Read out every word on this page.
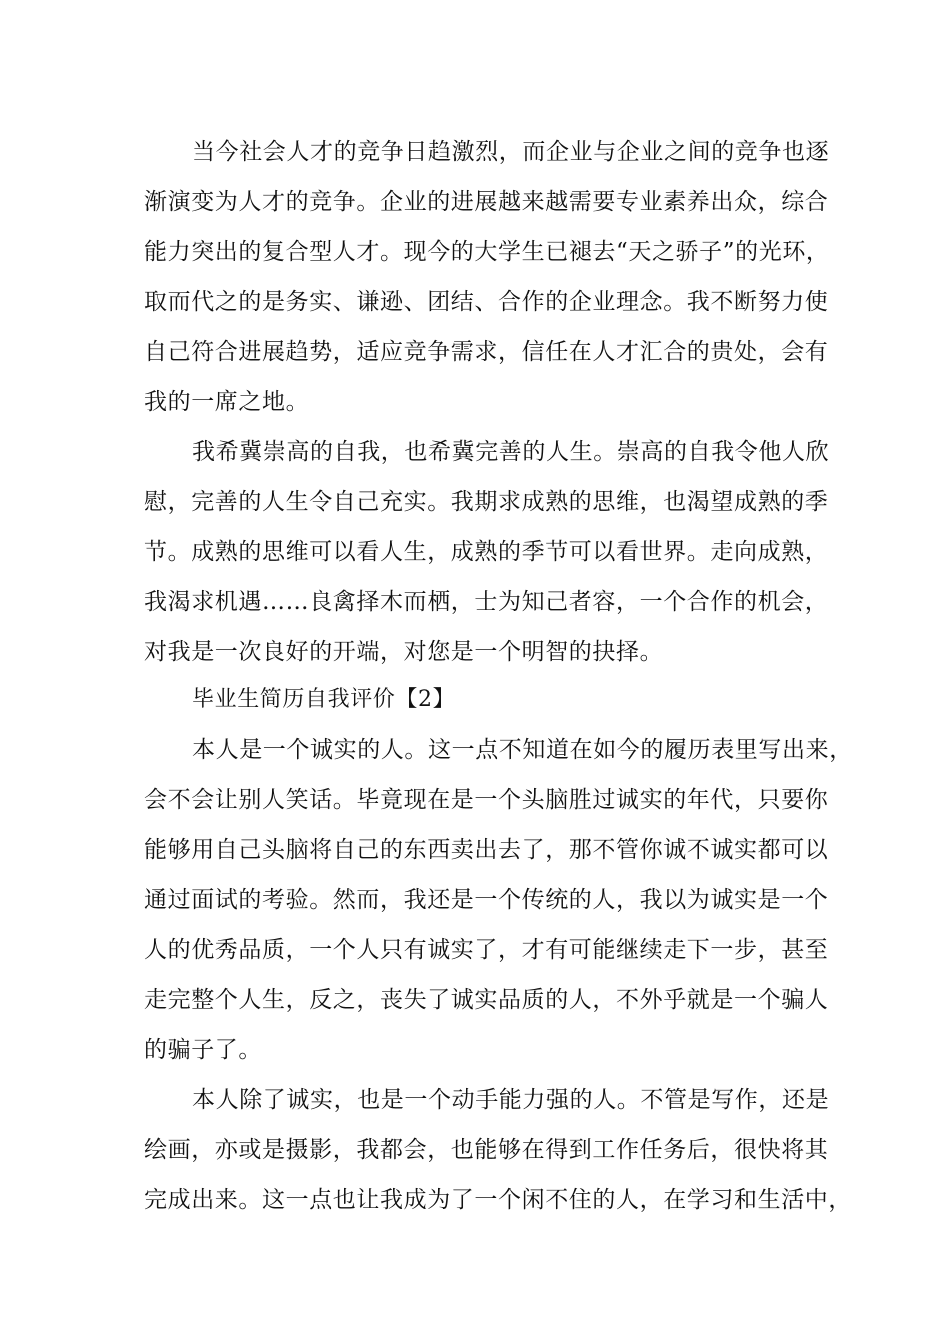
当今社会人才的竞争日趋激烈，而企业与企业之间的竞争也逐
渐演变为人才的竞争。企业的进展越来越需要专业素养出众，综合
能力突出的复合型人才。现今的大学生已褪去“天之骄子”的光环，
取而代之的是务实、谦逊、团结、合作的企业理念。我不断努力使
自己符合进展趋势，适应竞争需求，信任在人才汇合的贵处，会有
我的一席之地。
我希冀崇高的自我，也希冀完善的人生。崇高的自我令他人欣
慰，完善的人生令自己充实。我期求成熟的思维，也渴望成熟的季
节。成熟的思维可以看人生，成熟的季节可以看世界。走向成熟，
我渴求机遇……良禽择木而栖，士为知己者容，一个合作的机会，
对我是一次良好的开端，对您是一个明智的抉择。
毕业生简历自我评价【2】
本人是一个诚实的人。这一点不知道在如今的履历表里写出来，
会不会让别人笑话。毕竟现在是一个头脑胜过诚实的年代，只要你
能够用自己头脑将自己的东西卖出去了，那不管你诚不诚实都可以
通过面试的考验。然而，我还是一个传统的人，我以为诚实是一个
人的优秀品质，一个人只有诚实了，才有可能继续走下一步，甚至
走完整个人生，反之，丧失了诚实品质的人，不外乎就是一个骗人
的骗子了。
本人除了诚实，也是一个动手能力强的人。不管是写作，还是
绘画，亦或是摄影，我都会，也能够在得到工作任务后，很快将其
完成出来。这一点也让我成为了一个闲不住的人，在学习和生活中，
